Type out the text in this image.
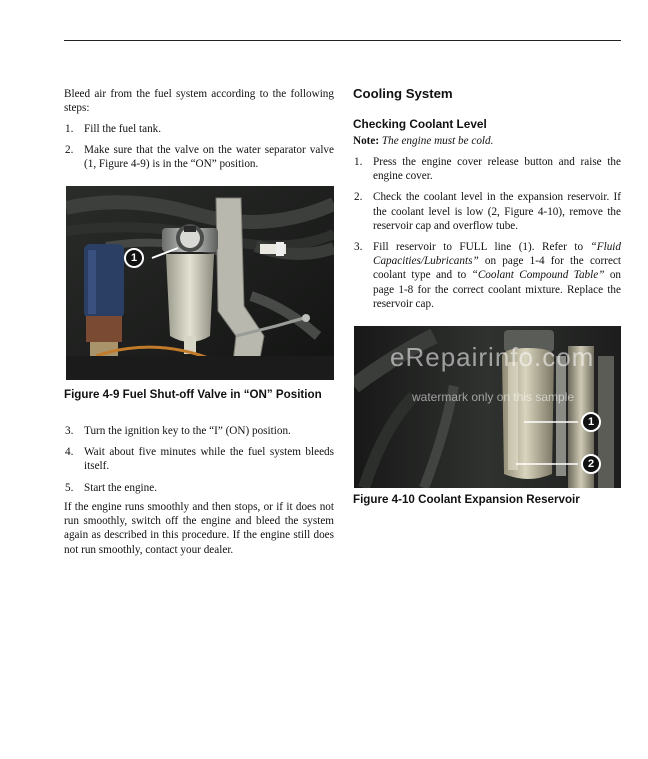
Bleed air from the fuel system according to the following steps:

1. Fill the fuel tank.
2. Make sure that the valve on the water separator valve (1, Figure 4-9) is in the “ON” position.
1

Figure 4-9 Fuel Shut-off Valve in “ON” Position

3. Turn the ignition key to the “I” (ON) position.
4. Wait about five minutes while the fuel system bleeds itself.
5. Start the engine.

If the engine runs smoothly and then stops, or if it does not run smoothly, switch off the engine and bleed the system again as described in this procedure. If the engine still does not run smoothly, contact your dealer.

Cooling System
Checking Coolant Level

Note: The engine must be cold.

1. Press the engine cover release button and raise the engine cover.
2. Check the coolant level in the expansion reservoir. If the coolant level is low (2, Figure 4-10), remove the reservoir cap and overflow tube.
3. Fill reservoir to FULL line (1). Refer to “Fluid Capacities/Lubricants” on page 1-4 for the correct coolant type and to “Coolant Compound Table” on page 1-8 for the correct coolant mixture. Replace the reservoir cap.
eRepairinfo.com
watermark only on this sample
1
2

Figure 4-10 Coolant Expansion Reservoir
